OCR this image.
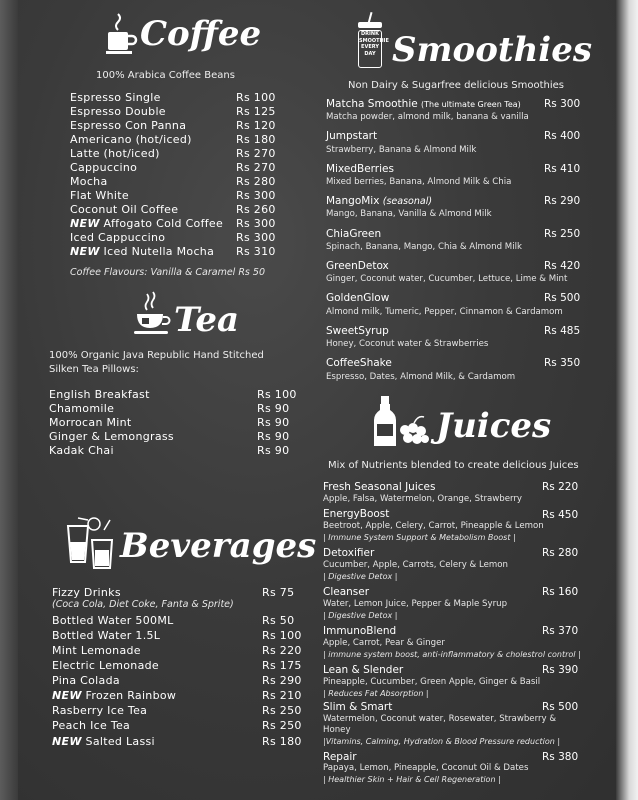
Coffee
100% Arabica Coffee Beans
Espresso Single	Rs 100
Espresso Double	Rs 125
Espresso Con Panna	Rs 120
Americano (hot/iced)	Rs 180
Latte (hot/iced)	Rs 270
Cappuccino	Rs 270
Mocha	Rs 280
Flat White	Rs 300
Coconut Oil Coffee	Rs 260
NEW Affogato Cold Coffee Rs 300
Iced Cappuccino	Rs 300
NEW Iced Nutella Mocha Rs 310
Coffee Flavours: Vanilla & Caramel Rs 50
Tea
100% Organic Java Republic Hand Stitched
Silken Tea Pillows:
English Breakfast	Rs 100
Chamomile	Rs 90
Morrocan Mint	Rs 90
Ginger & Lemongrass	Rs 90
Kadak Chai	Rs 90
Beverages
Fizzy Drinks	Rs 75
(Coca Cola, Diet Coke, Fanta & Sprite)
Bottled Water 500ML	Rs 50
Bottled Water 1.5L	Rs 100
Mint Lemonade	Rs 220
Electric Lemonade	Rs 175
Pina Colada	Rs 290
NEW Frozen Rainbow	Rs 210
Rasberry Ice Tea	Rs 250
Peach Ice Tea	Rs 250
NEW Salted Lassi	Rs 180
DRINK SMOOTHIE EVERY DAY Smoothies
Non Dairy & Sugarfree delicious Smoothies
Matcha Smoothie (The ultimate Green Tea) Rs 300
Matcha powder, almond milk, banana & vanilla
Jumpstart	Rs 400
Strawberry, Banana & Almond Milk
MixedBerries	Rs 410
Mixed berries, Banana, Almond Milk & Chia
MangoMix (seasonal)	Rs 290
Mango, Banana, Vanilla & Almond Milk
ChiaGreen	Rs 250
Spinach, Banana, Mango, Chia & Almond Milk
GreenDetox	Rs 420
Ginger, Coconut water, Cucumber, Lettuce, Lime & Mint
GoldenGlow	Rs 500
Almond milk, Tumeric, Pepper, Cinnamon & Cardamom
SweetSyrup	Rs 485
Honey, Coconut water & Strawberries
CoffeeShake	Rs 350
Espresso, Dates, Almond Milk, & Cardamom
Juices
Mix of Nutrients blended to create delicious Juices
Fresh Seasonal Juices	Rs 220
Apple, Falsa, Watermelon, Orange, Strawberry
EnergyBoost	Rs 450
Beetroot, Apple, Celery, Carrot, Pineapple & Lemon
| Immune System Support & Metabolism Boost |
Detoxifier	Rs 280
Cucumber, Apple, Carrots, Celery & Lemon
| Digestive Detox |
Cleanser	Rs 160
Water, Lemon Juice, Pepper & Maple Syrup
| Digestive Detox |
ImmunoBlend	Rs 370
Apple, Carrot, Pear & Ginger
| immune system boost, anti-inflammatory & cholestrol control |
Lean & Slender	Rs 390
Pineapple, Cucumber, Green Apple, Ginger & Basil
| Reduces Fat Absorption |
Slim & Smart	Rs 500
Watermelon, Coconut water, Rosewater, Strawberry &
Honey
|Vitamins, Calming, Hydration & Blood Pressure reduction |
Repair	Rs 380
Papaya, Lemon, Pineapple, Coconut Oil & Dates
| Healthier Skin + Hair & Cell Regeneration |
